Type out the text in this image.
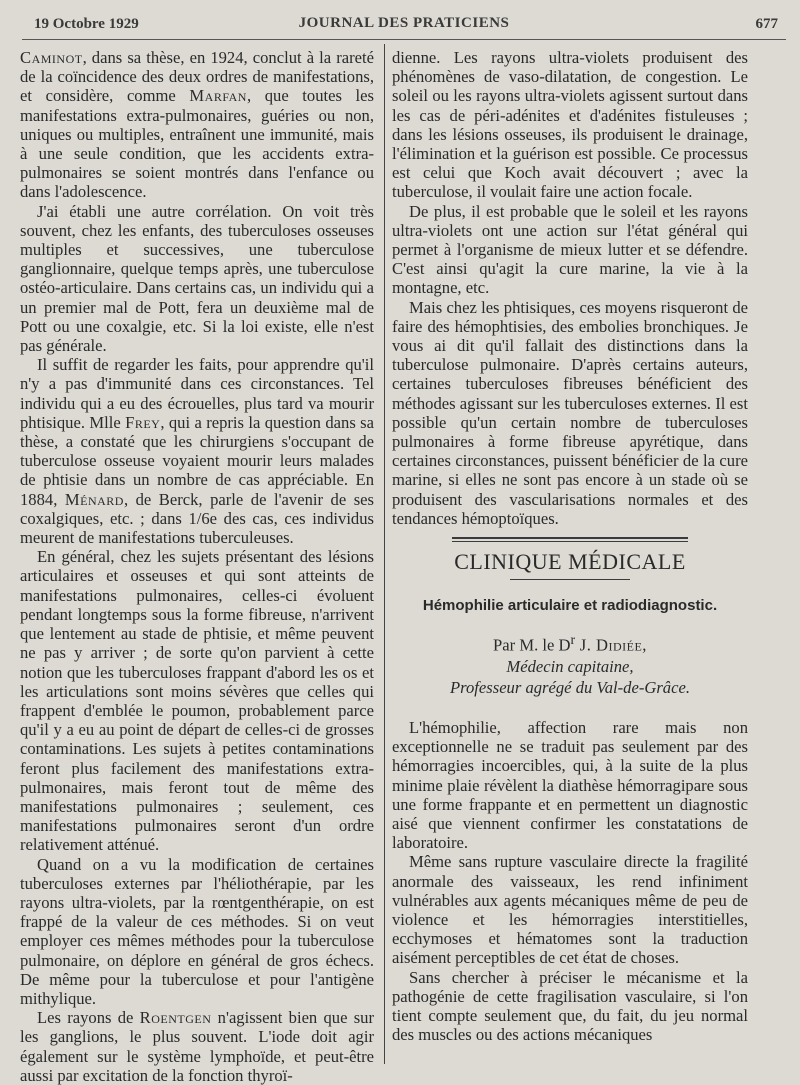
19 Octobre 1929	JOURNAL DES PRATICIENS	677

Caminot, dans sa thèse, en 1924, conclut à la rareté de la coïncidence des deux ordres de manifestations, et considère, comme Marfan, que toutes les manifestations extra-pulmonaires, guéries ou non, uniques ou multiples, entraînent une immunité, mais à une seule condition, que les accidents extra-pulmonaires se soient montrés dans l'enfance ou dans l'adolescence.

J'ai établi une autre corrélation. On voit très souvent, chez les enfants, des tuberculoses osseuses multiples et successives, une tuberculose ganglionnaire, quelque temps après, une tuberculose ostéo-articulaire. Dans certains cas, un individu qui a un premier mal de Pott, fera un deuxième mal de Pott ou une coxalgie, etc. Si la loi existe, elle n'est pas générale.

Il suffit de regarder les faits, pour apprendre qu'il n'y a pas d'immunité dans ces circonstances. Tel individu qui a eu des écrouelles, plus tard va mourir phtisique. Mlle Frey, qui a repris la question dans sa thèse, a constaté que les chirurgiens s'occupant de tuberculose osseuse voyaient mourir leurs malades de phtisie dans un nombre de cas appréciable. En 1884, Ménard, de Berck, parle de l'avenir de ses coxalgiques, etc. ; dans 1/6e des cas, ces individus meurent de manifestations tuberculeuses.

En général, chez les sujets présentant des lésions articulaires et osseuses et qui sont atteints de manifestations pulmonaires, celles-ci évoluent pendant longtemps sous la forme fibreuse, n'arrivent que lentement au stade de phtisie, et même peuvent ne pas y arriver ; de sorte qu'on parvient à cette notion que les tuberculoses frappant d'abord les os et les articulations sont moins sévères que celles qui frappent d'emblée le poumon, probablement parce qu'il y a eu au point de départ de celles-ci de grosses contaminations. Les sujets à petites contaminations feront plus facilement des manifestations extra-pulmonaires, mais feront tout de même des manifestations pulmonaires ; seulement, ces manifestations pulmonaires seront d'un ordre relativement atténué.

Quand on a vu la modification de certaines tuberculoses externes par l'héliothérapie, par les rayons ultra-violets, par la rœntgenthérapie, on est frappé de la valeur de ces méthodes. Si on veut employer ces mêmes méthodes pour la tuberculose pulmonaire, on déplore en général de gros échecs. De même pour la tuberculose et pour l'antigène mithylique.

Les rayons de Roentgen n'agissent bien que sur les ganglions, le plus souvent. L'iode doit agir également sur le système lymphoïde, et peut-être aussi par excitation de la fonction thyroï-

dienne. Les rayons ultra-violets produisent des phénomènes de vaso-dilatation, de congestion. Le soleil ou les rayons ultra-violets agissent surtout dans les cas de péri-adénites et d'adénites fistuleuses ; dans les lésions osseuses, ils produisent le drainage, l'élimination et la guérison est possible. Ce processus est celui que Koch avait découvert ; avec la tuberculose, il voulait faire une action focale.

De plus, il est probable que le soleil et les rayons ultra-violets ont une action sur l'état général qui permet à l'organisme de mieux lutter et se défendre. C'est ainsi qu'agit la cure marine, la vie à la montagne, etc.

Mais chez les phtisiques, ces moyens risqueront de faire des hémophtisies, des embolies bronchiques. Je vous ai dit qu'il fallait des distinctions dans la tuberculose pulmonaire. D'après certains auteurs, certaines tuberculoses fibreuses bénéficient des méthodes agissant sur les tuberculoses externes. Il est possible qu'un certain nombre de tuberculoses pulmonaires à forme fibreuse apyrétique, dans certaines circonstances, puissent bénéficier de la cure marine, si elles ne sont pas encore à un stade où se produisent des vascularisations normales et des tendances hémoptoïques.

CLINIQUE MÉDICALE
Hémophilie articulaire et radiodiagnostic.
Par M. le $D^r$ J. Didiée,
Médecin capitaine,
Professeur agrégé du Val-de-Grâce.

L'hémophilie, affection rare mais non exceptionnelle ne se traduit pas seulement par des hémorragies incoercibles, qui, à la suite de la plus minime plaie révèlent la diathèse hémorragipare sous une forme frappante et en permettent un diagnostic aisé que viennent confirmer les constatations de laboratoire.

Même sans rupture vasculaire directe la fragilité anormale des vaisseaux, les rend infiniment vulnérables aux agents mécaniques même de peu de violence et les hémorragies interstitielles, ecchymoses et hématomes sont la traduction aisément perceptibles de cet état de choses.

Sans chercher à préciser le mécanisme et la pathogénie de cette fragilisation vasculaire, si l'on tient compte seulement que, du fait, du jeu normal des muscles ou des actions mécaniques
